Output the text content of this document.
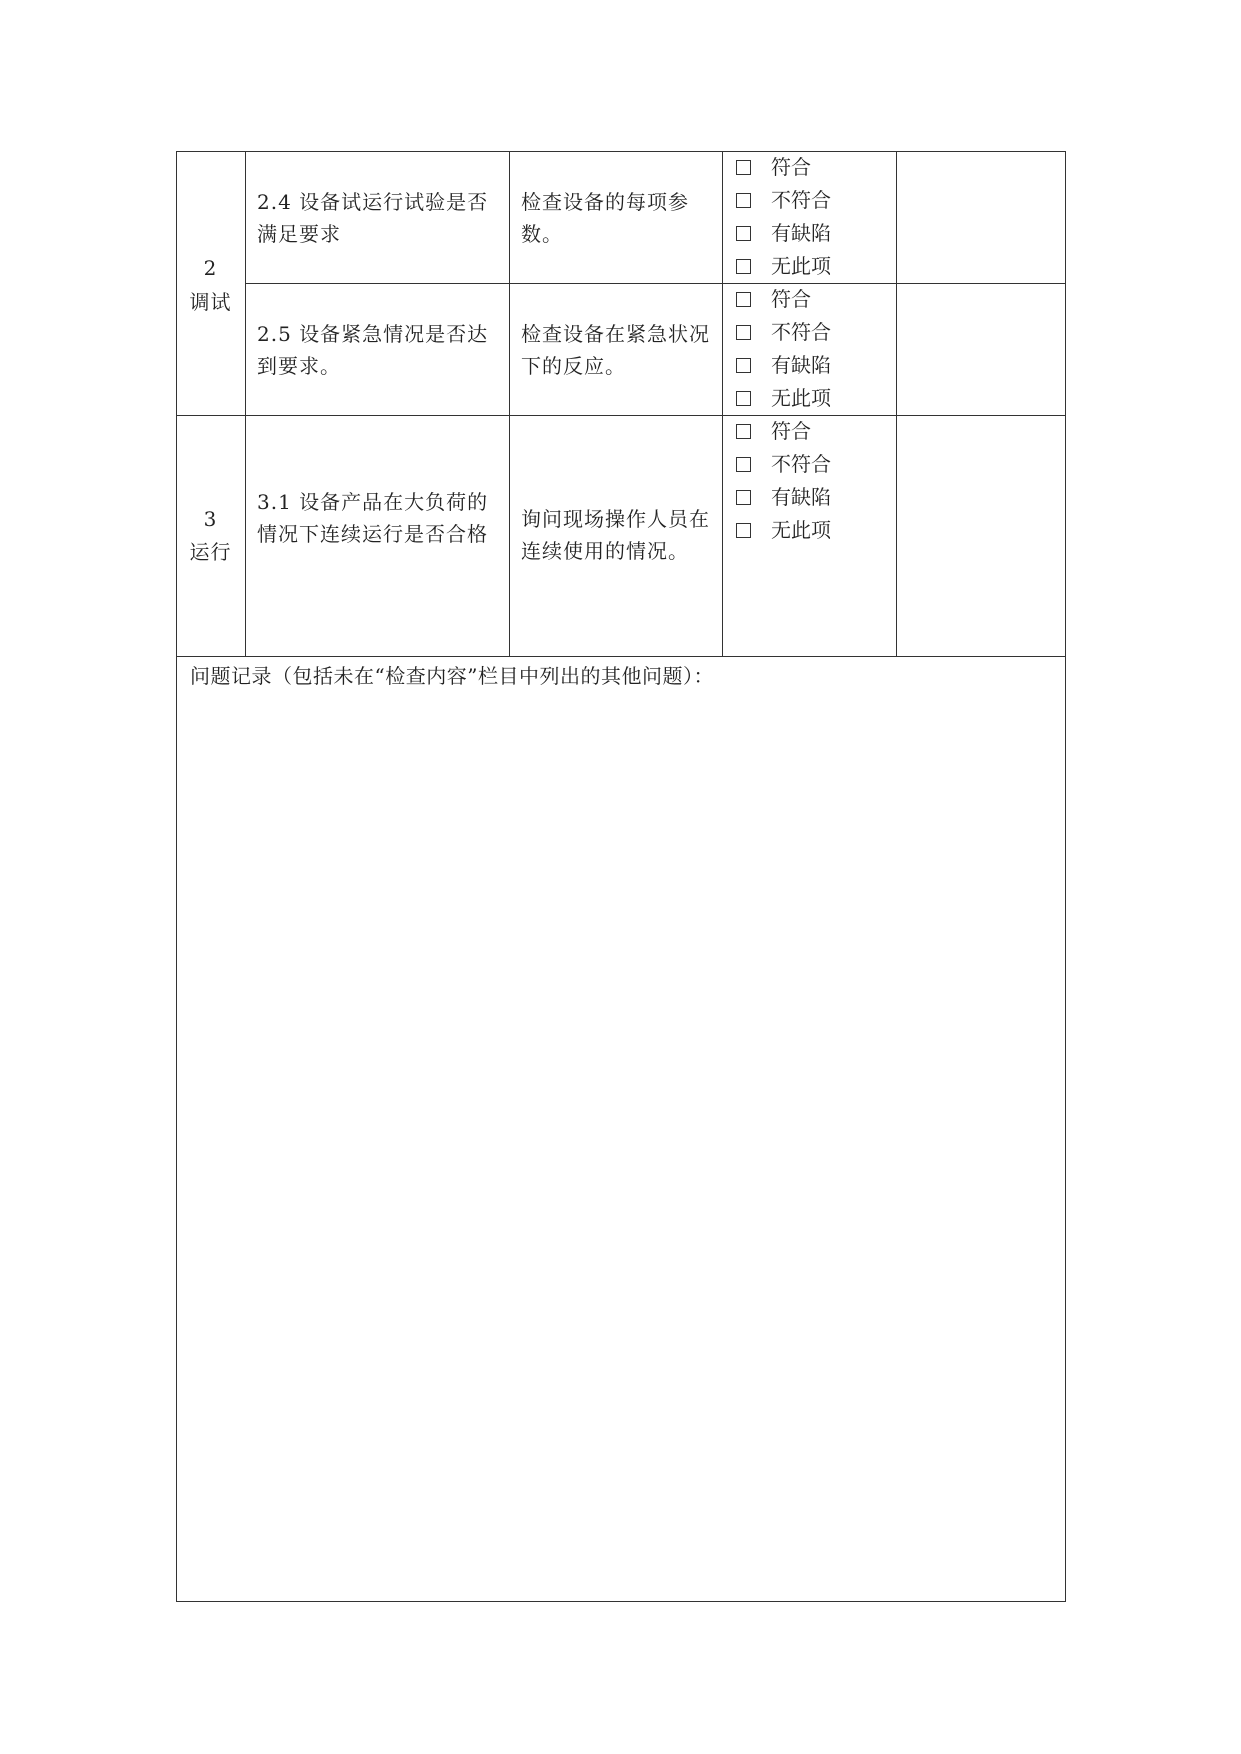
2
调试
3
运行
2.4 设备试运行试验是否满足要求
检查设备的每项参数。
符合
不符合
有缺陷
无此项
2.5 设备紧急情况是否达到要求。
检查设备在紧急状况下的反应。
符合
不符合
有缺陷
无此项
3.1 设备产品在大负荷的情况下连续运行是否合格
询问现场操作人员在连续使用的情况。
符合
不符合
有缺陷
无此项
问题记录（包括未在“检查内容”栏目中列出的其他问题）：
